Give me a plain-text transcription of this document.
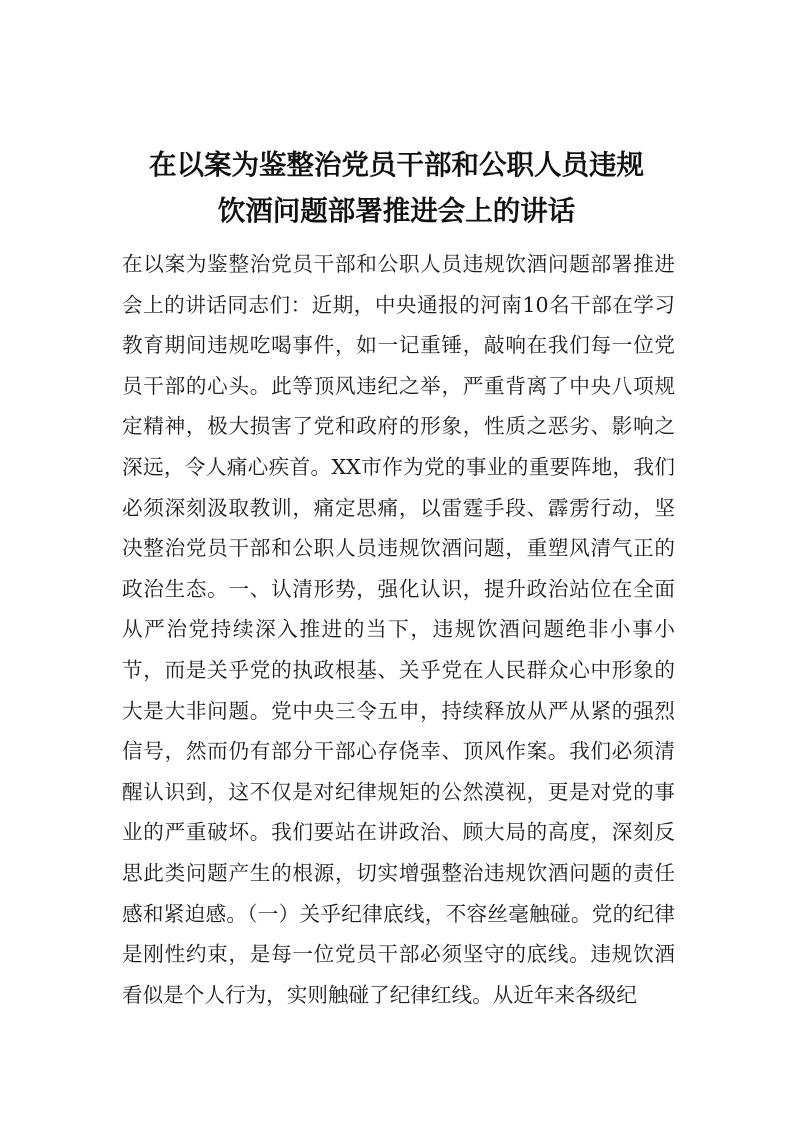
在以案为鉴整治党员干部和公职人员违规
饮酒问题部署推进会上的讲话

在以案为鉴整治党员干部和公职人员违规饮酒问题部署推进会上的讲话同志们：近期，中央通报的河南10名干部在学习教育期间违规吃喝事件，如一记重锤，敲响在我们每一位党员干部的心头。此等顶风违纪之举，严重背离了中央八项规定精神，极大损害了党和政府的形象，性质之恶劣、影响之深远，令人痛心疾首。XX市作为党的事业的重要阵地，我们必须深刻汲取教训，痛定思痛，以雷霆手段、霹雳行动，坚决整治党员干部和公职人员违规饮酒问题，重塑风清气正的政治生态。一、认清形势，强化认识，提升政治站位在全面从严治党持续深入推进的当下，违规饮酒问题绝非小事小节，而是关乎党的执政根基、关乎党在人民群众心中形象的大是大非问题。党中央三令五申，持续释放从严从紧的强烈信号，然而仍有部分干部心存侥幸、顶风作案。我们必须清醒认识到，这不仅是对纪律规矩的公然漠视，更是对党的事业的严重破坏。我们要站在讲政治、顾大局的高度，深刻反思此类问题产生的根源，切实增强整治违规饮酒问题的责任感和紧迫感。（一）关乎纪律底线，不容丝毫触碰。党的纪律是刚性约束，是每一位党员干部必须坚守的底线。违规饮酒看似是个人行为，实则触碰了纪律红线。从近年来各级纪
